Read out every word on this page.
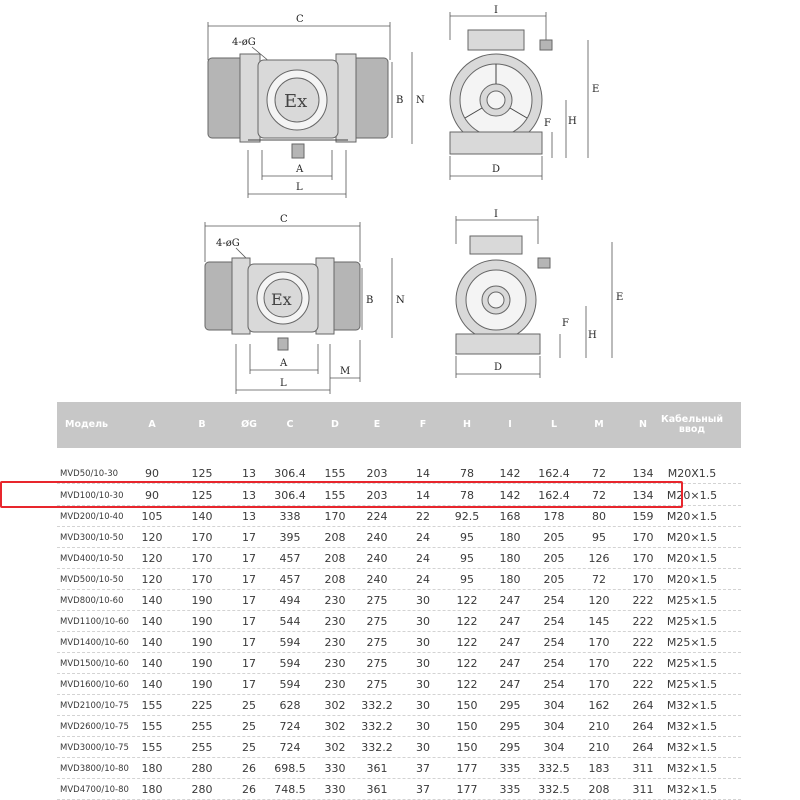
C
4-øG
Ex	B N
A
L
I
E
H
F
D
C
4-øG
Ex	B N
A
L
M
I
E
H
F
D
Модель	A	B	ØG	C	D	E	F	H	I	L	M	N	Кабельный ввод
MVD50/10-30	90	125	13	306.4	155	203	14	78	142	162.4	72	134	M20X1.5
MVD100/10-30	90	125	13	306.4	155	203	14	78	142	162.4	72	134	M20×1.5
MVD200/10-40	105	140	13	338	170	224	22	92.5	168	178	80	159	M20×1.5
MVD300/10-50	120	170	17	395	208	240	24	95	180	205	95	170	M20×1.5
MVD400/10-50	120	170	17	457	208	240	24	95	180	205	126	170	M20×1.5
MVD500/10-50	120	170	17	457	208	240	24	95	180	205	72	170	M20×1.5
MVD800/10-60	140	190	17	494	230	275	30	122	247	254	120	222	M25×1.5
MVD1100/10-60	140	190	17	544	230	275	30	122	247	254	145	222	M25×1.5
MVD1400/10-60	140	190	17	594	230	275	30	122	247	254	170	222	M25×1.5
MVD1500/10-60	140	190	17	594	230	275	30	122	247	254	170	222	M25×1.5
MVD1600/10-60	140	190	17	594	230	275	30	122	247	254	170	222	M25×1.5
MVD2100/10-75	155	225	25	628	302	332.2	30	150	295	304	162	264	M32×1.5
MVD2600/10-75	155	255	25	724	302	332.2	30	150	295	304	210	264	M32×1.5
MVD3000/10-75	155	255	25	724	302	332.2	30	150	295	304	210	264	M32×1.5
MVD3800/10-80	180	280	26	698.5	330	361	37	177	335	332.5	183	311	M32×1.5
MVD4700/10-80	180	280	26	748.5	330	361	37	177	335	332.5	208	311	M32×1.5
